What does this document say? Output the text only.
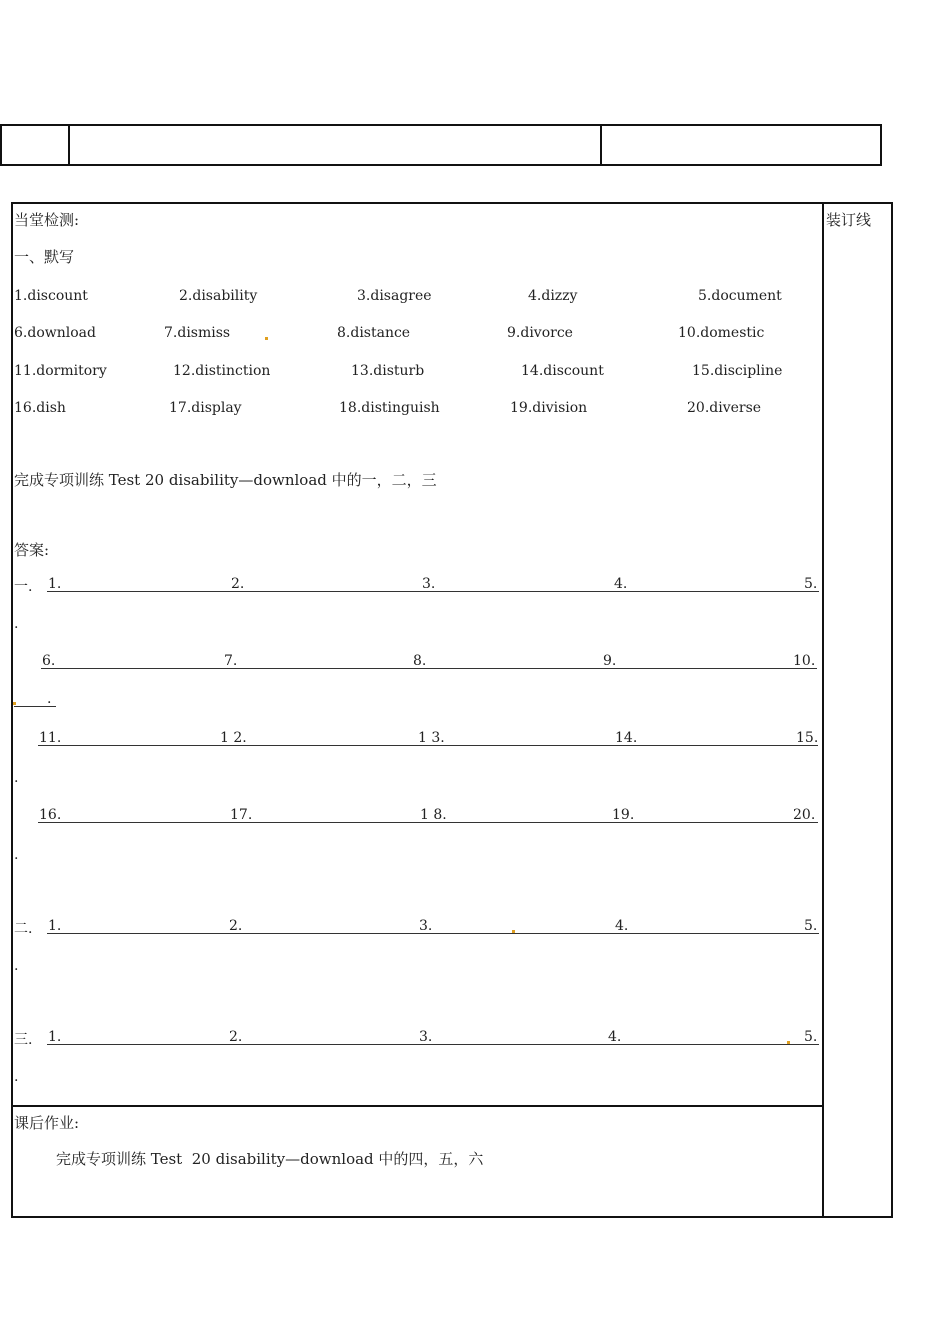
装订线
当堂检测:
一、默写
1.discount	2.disability	3.disagree	4.dizzy	5.document
6.download	7.dismiss	8.distance	9.divorce	10.domestic
11.dormitory	12.distinction	13.disturb	14.discount	15.discipline
16.dish	17.display	18.distinguish	19.division	20.diverse
完成专项训练 Test 20 disability—download 中的一，二，三
答案:
一. 1.	2.	3.	4.	5.
.
6.	7.	8.	9.	10.
.
11.	1 2.	1 3.	14.	15.
.
16.	17.	1 8.	19.	20.
.
二. 1.	2.	3.	4.	5.
.
三. 1.	2.	3.	4.	5.
.
课后作业:
完成专项训练 Test  20 disability—download 中的四，五，六
